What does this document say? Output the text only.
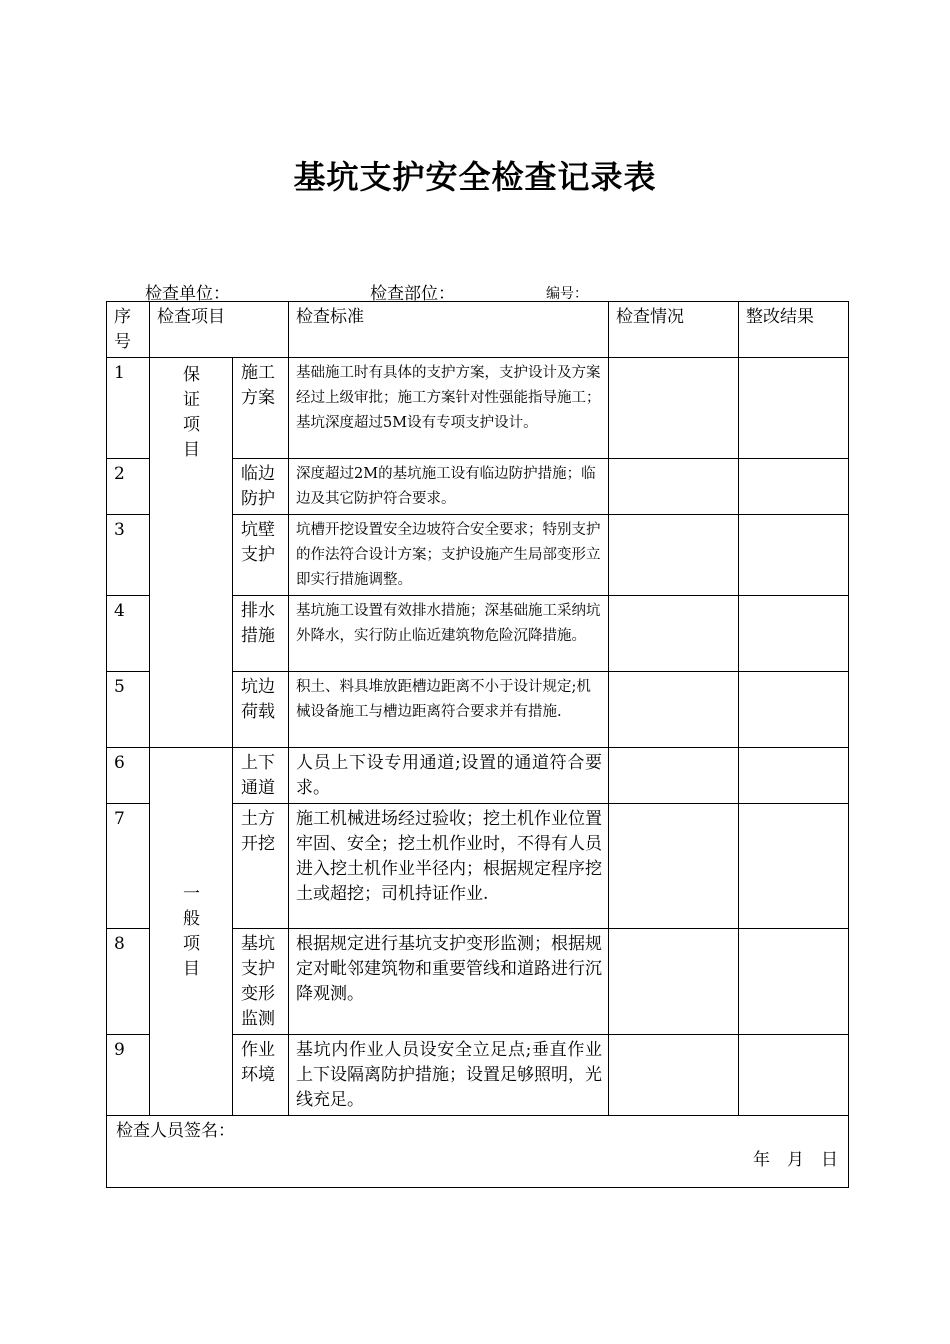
基坑支护安全检查记录表
检查单位：	检查部位：	编号：
序号	检查项目		检查标准	检查情况	整改结果
1	保证项目	施工方案	基础施工时有具体的支护方案，支护设计及方案经过上级审批；施工方案针对性强能指导施工；基坑深度超过5M设有专项支护设计。		
2		临边防护	深度超过2M的基坑施工设有临边防护措施；临边及其它防护符合要求。		
3		坑壁支护	坑槽开挖设置安全边坡符合安全要求；特别支护的作法符合设计方案；支护设施产生局部变形立即实行措施调整。		
4		排水措施	基坑施工设置有效排水措施；深基础施工采纳坑外降水，实行防止临近建筑物危险沉降措施。		
5		坑边荷载	积土、料具堆放距槽边距离不小于设计规定;机械设备施工与槽边距离符合要求并有措施.		
6	一般项目	上下通道	人员上下设专用通道;设置的通道符合要求。		
7		土方开挖	施工机械进场经过验收；挖土机作业位置牢固、安全；挖土机作业时，不得有人员进入挖土机作业半径内；根据规定程序挖土或超挖；司机持证作业.		
8		基坑支护变形监测	根据规定进行基坑支护变形监测；根据规定对毗邻建筑物和重要管线和道路进行沉降观测。		
9		作业环境	基坑内作业人员设安全立足点;垂直作业上下设隔离防护措施；设置足够照明，光线充足。		

检查人员签名：
年　月　日					
